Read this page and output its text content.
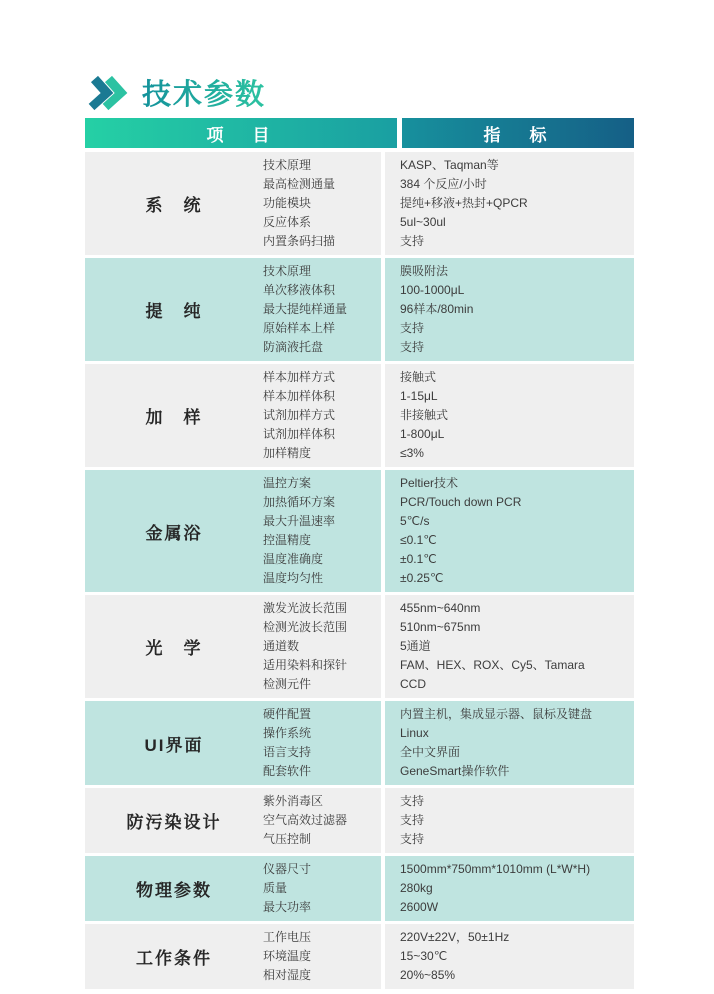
技术参数
项　目	指　标
系　统
技术原理
最高检测通量
功能模块
反应体系
内置条码扫描
KASP、Taqman等
384 个反应/小时
提纯+移液+热封+QPCR
5ul~30ul
支持
提　纯
技术原理
单次移液体积
最大提纯样通量
原始样本上样
防滴液托盘
膜吸附法
100-1000μL
96样本/80min
支持
支持
加　样
样本加样方式
样本加样体积
试剂加样方式
试剂加样体积
加样精度
接触式
1-15μL
非接触式
1-800μL
≤3%
金属浴
温控方案
加热循环方案
最大升温速率
控温精度
温度准确度
温度均匀性
Peltier技术
PCR/Touch down PCR
5℃/s
≤0.1℃
±0.1℃
±0.25℃
光　学
激发光波长范围
检测光波长范围
通道数
适用染料和探针
检测元件
455nm~640nm
510nm~675nm
5通道
FAM、HEX、ROX、Cy5、Tamara
CCD
UI界面
硬件配置
操作系统
语言支持
配套软件
内置主机，集成显示器、鼠标及键盘
Linux
全中文界面
GeneSmart操作软件
防污染设计
紫外消毒区
空气高效过滤器
气压控制
支持
支持
支持
物理参数
仪器尺寸
质量
最大功率
1500mm*750mm*1010mm (L*W*H)
280kg
2600W
工作条件
工作电压
环境温度
相对湿度
220V±22V，50±1Hz
15~30℃
20%~85%
